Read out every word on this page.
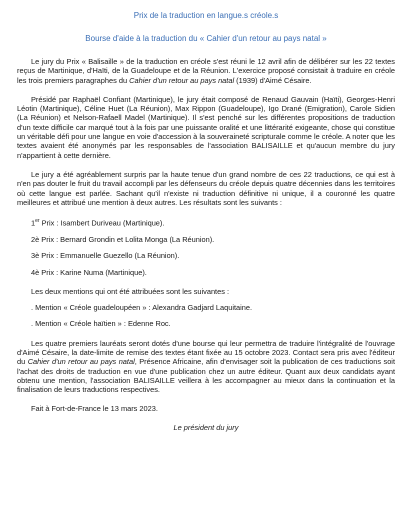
Prix de la traduction en langue.s créole.s

Bourse d'aide à la traduction du « Cahier d'un retour au pays natal »

Le jury du Prix « Balisaille » de la traduction en créole s'est réuni le 12 avril afin de délibérer sur les 22 textes reçus de Martinique, d'Haïti, de la Guadeloupe et de la Réunion. L'exercice proposé consistait à traduire en créole les trois premiers paragraphes du Cahier d'un retour au pays natal (1939) d'Aimé Césaire.

Présidé par Raphaël Confiant (Martinique), le jury était composé de Renaud Gauvain (Haïti), Georges-Henri Léotin (Martinique), Céline Huet (La Réunion), Max Rippon (Guadeloupe), Igo Drané (Emigration), Carole Sidien (La Réunion) et Nelson-Rafaell Madel (Martinique). Il s'est penché sur les différentes propositions de traduction d'un texte difficile car marqué tout à la fois par une puissante oralité et une littérarité exigeante, chose qui constitue un véritable défi pour une langue en voie d'accession à la souveraineté scripturale comme le créole. A noter que les textes avaient été anonymés par les responsables de l'association BALISAILLE et qu'aucun membre du jury n'appartient à cette dernière.

Le jury a été agréablement surpris par la haute tenue d'un grand nombre de ces 22 traductions, ce qui est à n'en pas douter le fruit du travail accompli par les défenseurs du créole depuis quatre décennies dans les territoires où cette langue est parlée. Sachant qu'il n'existe ni traduction définitive ni unique, il a couronné les quatre meilleures et attribué une mention à deux autres. Les résultats sont les suivants :

1er Prix : Isambert Duriveau (Martinique).

2è Prix : Bernard Grondin et Lolita Monga (La Réunion).

3è Prix : Emmanuelle Guezello (La Réunion).

4è Prix : Karine Numa (Martinique).

Les deux mentions qui ont été attribuées sont les suivantes :

. Mention « Créole guadeloupéen » : Alexandra Gadjard Laquitaine.

. Mention « Créole haïtien » : Edenne Roc.

Les quatre premiers lauréats seront dotés d'une bourse qui leur permettra de traduire l'intégralité de l'ouvrage d'Aimé Césaire, la date-limite de remise des textes étant fixée au 15 octobre 2023. Contact sera pris avec l'éditeur du Cahier d'un retour au pays natal, Présence Africaine, afin d'envisager soit la publication de ces traductions soit l'achat des droits de traduction en vue d'une publication chez un autre éditeur. Quant aux deux candidats ayant obtenu une mention, l'association BALISAILLE veillera à les accompagner au mieux dans la continuation et la finalisation de leurs traductions respectives.

Fait à Fort-de-France le 13 mars 2023.

Le président du jury
